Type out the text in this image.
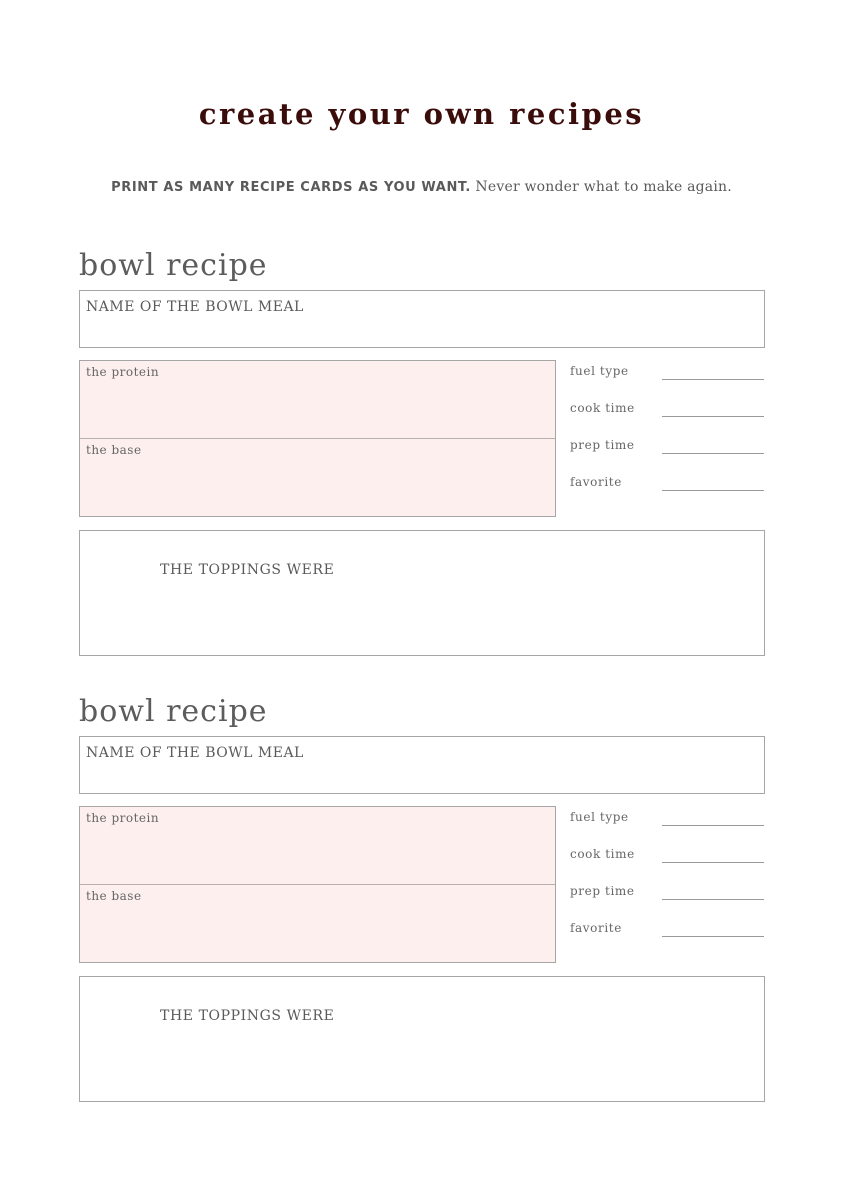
create your own recipes
PRINT AS MANY RECIPE CARDS AS YOU WANT. Never wonder what to make again.
bowl recipe
NAME OF THE BOWL MEAL
the protein
the base
fuel type
cook time
prep time
favorite
THE TOPPINGS WERE
bowl recipe
NAME OF THE BOWL MEAL
the protein
the base
fuel type
cook time
prep time
favorite
THE TOPPINGS WERE
